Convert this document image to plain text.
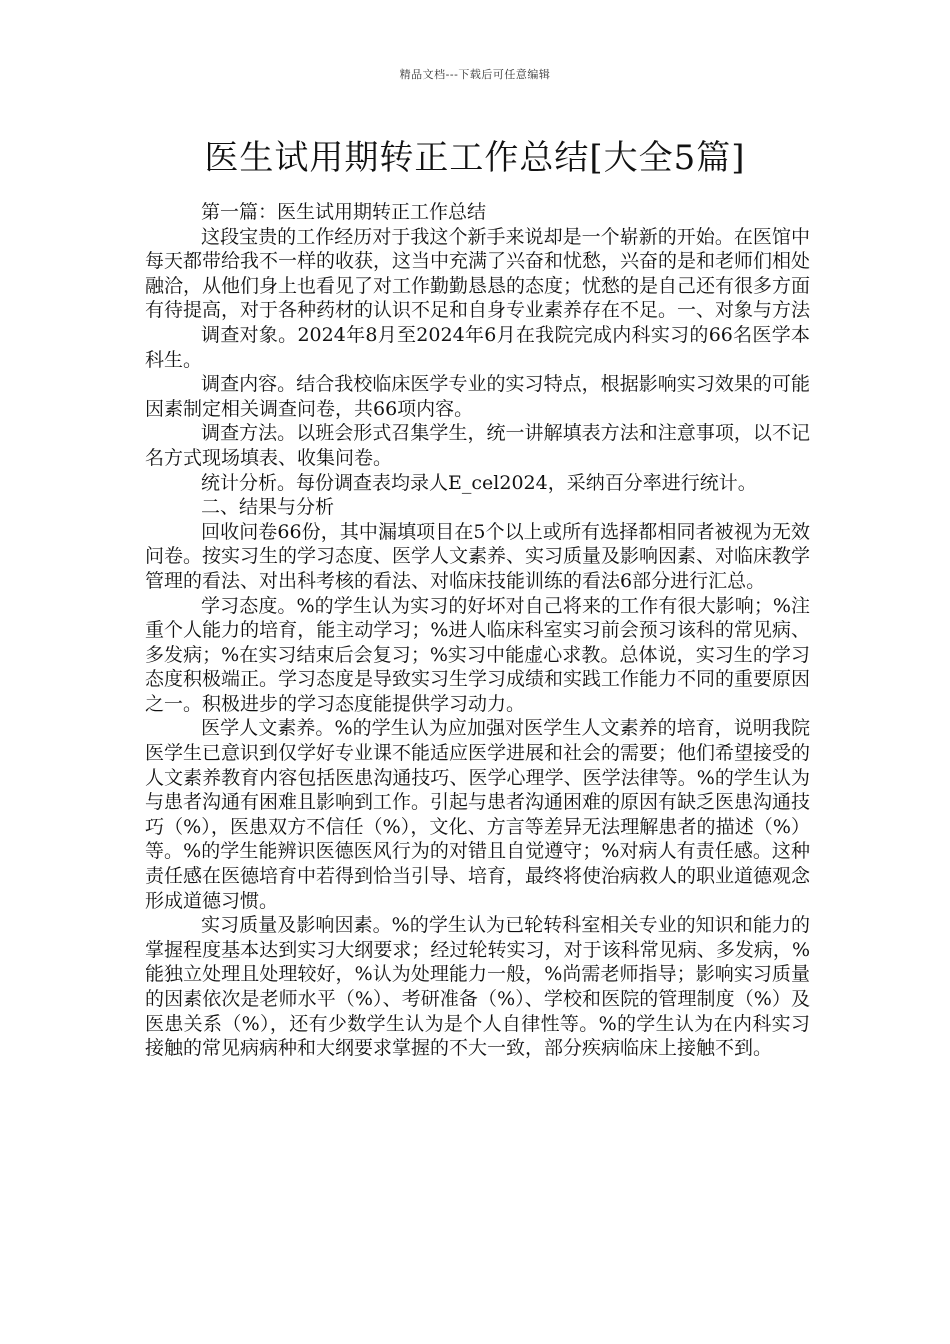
精品文档---下载后可任意编辑
医生试用期转正工作总结[大全5篇]

第一篇：医生试用期转正工作总结

这段宝贵的工作经历对于我这个新手来说却是一个崭新的开始。在医馆中每天都带给我不一样的收获，这当中充满了兴奋和忧愁，兴奋的是和老师们相处融洽，从他们身上也看见了对工作勤勤恳恳的态度；忧愁的是自己还有很多方面有待提高，对于各种药材的认识不足和自身专业素养存在不足。一、对象与方法

调查对象。2024年8月至2024年6月在我院完成内科实习的66名医学本科生。

调查内容。结合我校临床医学专业的实习特点，根据影响实习效果的可能因素制定相关调查问卷，共66项内容。

调查方法。以班会形式召集学生，统一讲解填表方法和注意事项，以不记名方式现场填表、收集问卷。

统计分析。每份调查表均录人E_cel2024，采纳百分率进行统计。

二、结果与分析

回收问卷66份，其中漏填项目在5个以上或所有选择都相同者被视为无效问卷。按实习生的学习态度、医学人文素养、实习质量及影响因素、对临床教学管理的看法、对出科考核的看法、对临床技能训练的看法6部分进行汇总。

学习态度。%的学生认为实习的好坏对自己将来的工作有很大影响；%注重个人能力的培育，能主动学习；%进人临床科室实习前会预习该科的常见病、多发病；%在实习结束后会复习；%实习中能虚心求教。总体说，实习生的学习态度积极端正。学习态度是导致实习生学习成绩和实践工作能力不同的重要原因之一。积极进步的学习态度能提供学习动力。

医学人文素养。%的学生认为应加强对医学生人文素养的培育，说明我院医学生已意识到仅学好专业课不能适应医学进展和社会的需要；他们希望接受的人文素养教育内容包括医患沟通技巧、医学心理学、医学法律等。%的学生认为与患者沟通有困难且影响到工作。引起与患者沟通困难的原因有缺乏医患沟通技巧（%），医患双方不信任（%），文化、方言等差异无法理解患者的描述（%）等。%的学生能辨识医德医风行为的对错且自觉遵守；%对病人有责任感。这种责任感在医德培育中若得到恰当引导、培育，最终将使治病救人的职业道德观念形成道德习惯。

实习质量及影响因素。%的学生认为已轮转科室相关专业的知识和能力的掌握程度基本达到实习大纲要求；经过轮转实习，对于该科常见病、多发病，%能独立处理且处理较好，%认为处理能力一般，%尚需老师指导；影响实习质量的因素依次是老师水平（%）、考研准备（%）、学校和医院的管理制度（%）及医患关系（%），还有少数学生认为是个人自律性等。%的学生认为在内科实习接触的常见病病种和大纲要求掌握的不大一致，部分疾病临床上接触不到。
